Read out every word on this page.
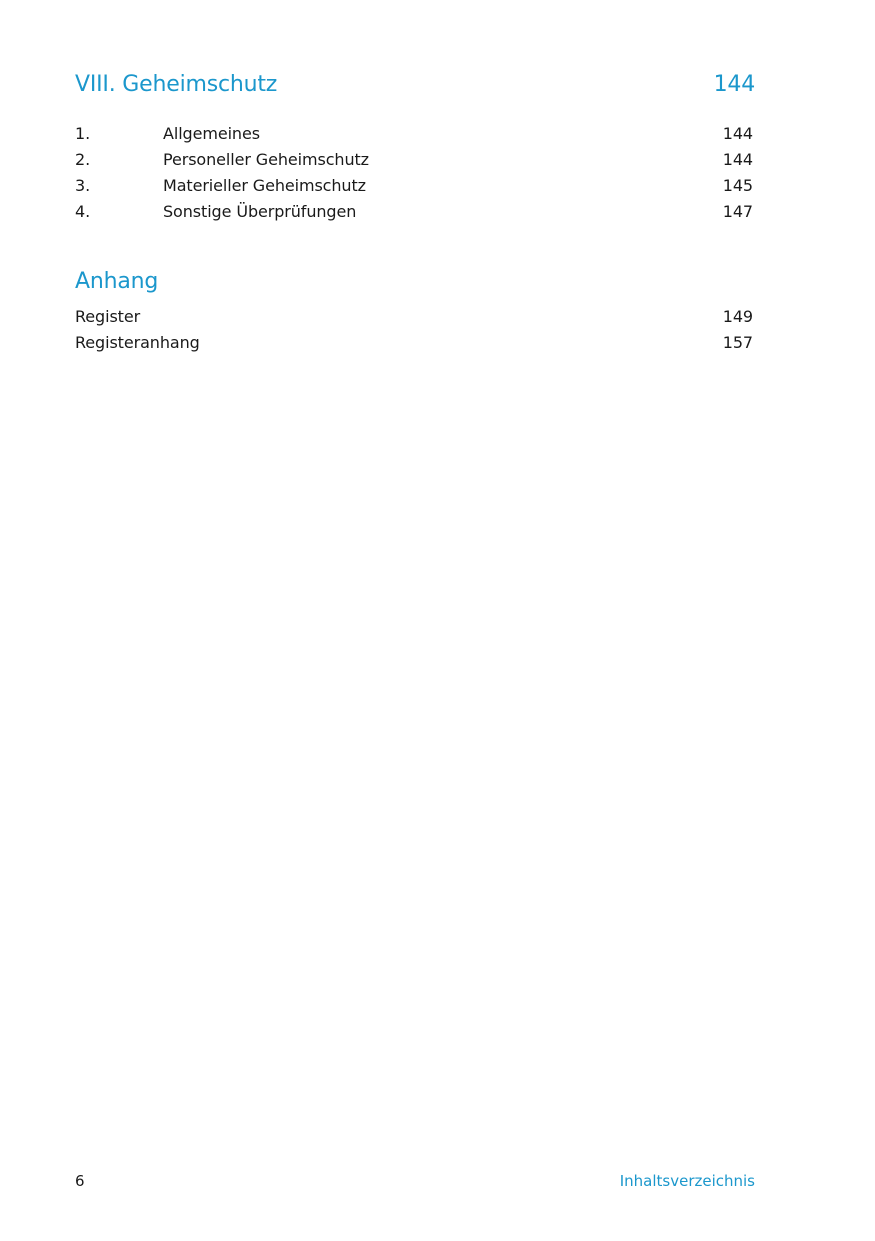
VIII. Geheimschutz	144
1.	Allgemeines	144
2.	Personeller Geheimschutz	144
3.	Materieller Geheimschutz	145
4.	Sonstige Überprüfungen	147
Anhang
Register	149
Registeranhang	157
6	Inhaltsverzeichnis
